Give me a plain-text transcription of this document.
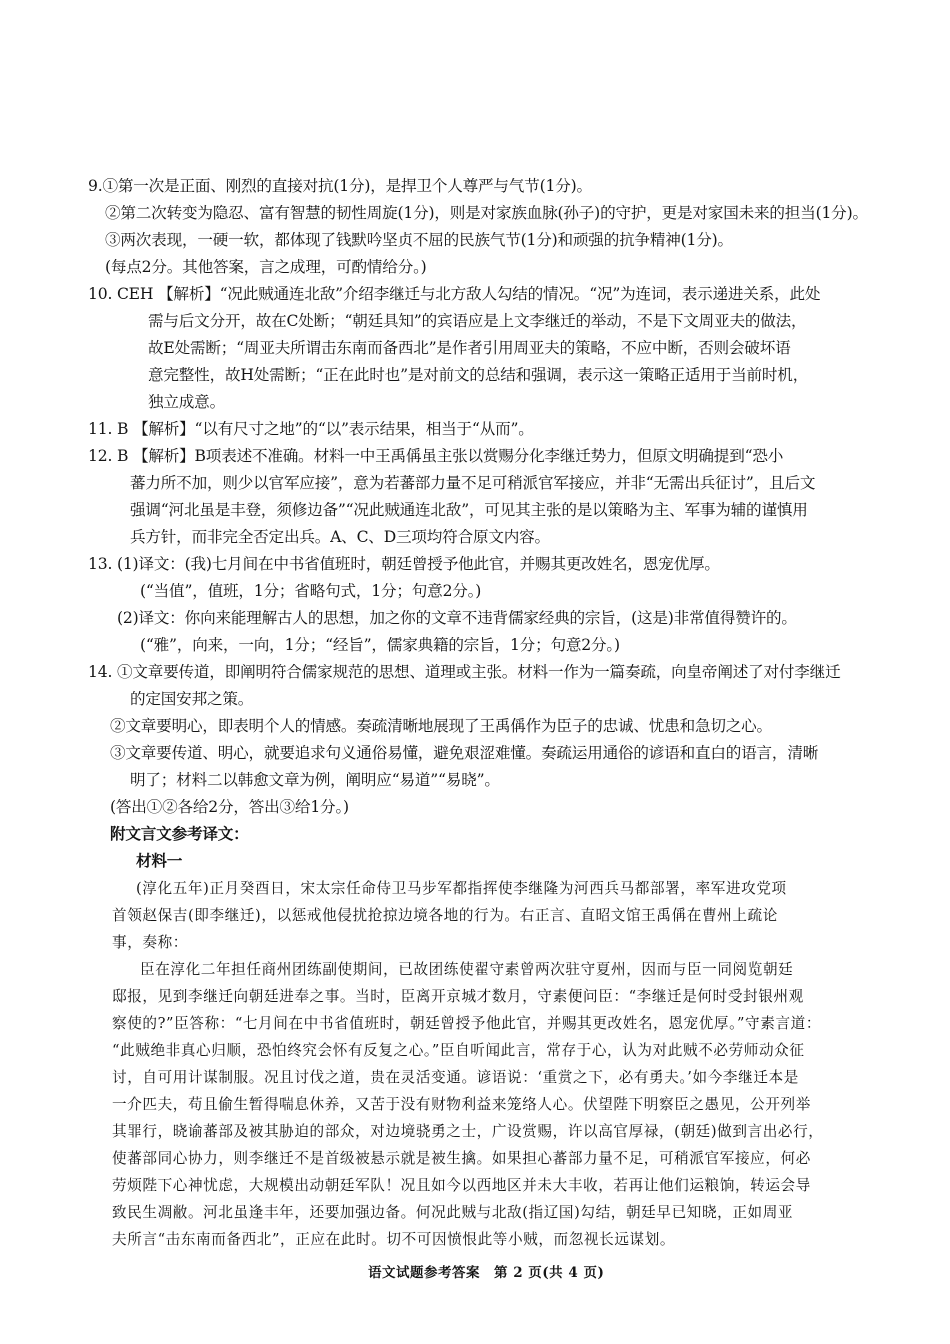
9.①第一次是正面、刚烈的直接对抗(1分)，是捍卫个人尊严与气节(1分)。
②第二次转变为隐忍、富有智慧的韧性周旋(1分)，则是对家族血脉(孙子)的守护，更是对家国未来的担当(1分)。
③两次表现，一硬一软，都体现了钱默吟坚贞不屈的民族气节(1分)和顽强的抗争精神(1分)。
(每点2分。其他答案，言之成理，可酌情给分。)
10. CEH 【解析】“况此贼通连北敌”介绍李继迁与北方敌人勾结的情况。“况”为连词，表示递进关系，此处
需与后文分开，故在C处断；“朝廷具知”的宾语应是上文李继迁的举动，不是下文周亚夫的做法，
故E处需断；“周亚夫所谓击东南而备西北”是作者引用周亚夫的策略，不应中断，否则会破坏语
意完整性，故H处需断；“正在此时也”是对前文的总结和强调，表示这一策略正适用于当前时机，
独立成意。
11. B 【解析】“以有尺寸之地”的“以”表示结果，相当于“从而”。
12. B 【解析】B项表述不准确。材料一中王禹偁虽主张以赏赐分化李继迁势力，但原文明确提到“恐小
蕃力所不加，则少以官军应接”，意为若蕃部力量不足可稍派官军接应，并非“无需出兵征讨”，且后文
强调“河北虽是丰登，须修边备”“况此贼通连北敌”，可见其主张的是以策略为主、军事为辅的谨慎用
兵方针，而非完全否定出兵。A、C、D三项均符合原文内容。
13. (1)译文：(我)七月间在中书省值班时，朝廷曾授予他此官，并赐其更改姓名，恩宠优厚。
(“当值”，值班，1分；省略句式，1分；句意2分。)
(2)译文：你向来能理解古人的思想，加之你的文章不违背儒家经典的宗旨，(这是)非常值得赞许的。
(“雅”，向来，一向，1分；“经旨”，儒家典籍的宗旨，1分；句意2分。)
14. ①文章要传道，即阐明符合儒家规范的思想、道理或主张。材料一作为一篇奏疏，向皇帝阐述了对付李继迁
的定国安邦之策。
②文章要明心，即表明个人的情感。奏疏清晰地展现了王禹偁作为臣子的忠诚、忧患和急切之心。
③文章要传道、明心，就要追求句义通俗易懂，避免艰涩难懂。奏疏运用通俗的谚语和直白的语言，清晰
明了；材料二以韩愈文章为例，阐明应“易道”“易晓”。
(答出①②各给2分，答出③给1分。)
附文言文参考译文：
材料一
(淳化五年)正月癸酉日，宋太宗任命侍卫马步军都指挥使李继隆为河西兵马都部署，率军进攻党项
首领赵保吉(即李继迁)，以惩戒他侵扰抢掠边境各地的行为。右正言、直昭文馆王禹偁在曹州上疏论
事，奏称：
臣在淳化二年担任商州团练副使期间，已故团练使翟守素曾两次驻守夏州，因而与臣一同阅览朝廷
邸报，见到李继迁向朝廷进奉之事。当时，臣离开京城才数月，守素便问臣：“李继迁是何时受封银州观
察使的?”臣答称：“七月间在中书省值班时，朝廷曾授予他此官，并赐其更改姓名，恩宠优厚。”守素言道：
“此贼绝非真心归顺，恐怕终究会怀有反复之心。”臣自听闻此言，常存于心，认为对此贼不必劳师动众征
讨，自可用计谋制服。况且讨伐之道，贵在灵活变通。谚语说：‘重赏之下，必有勇夫。’如今李继迁本是
一介匹夫，苟且偷生暂得喘息休养，又苦于没有财物利益来笼络人心。伏望陛下明察臣之愚见，公开列举
其罪行，晓谕蕃部及被其胁迫的部众，对边境骁勇之士，广设赏赐，许以高官厚禄，(朝廷)做到言出必行，
使蕃部同心协力，则李继迁不是首级被悬示就是被生擒。如果担心蕃部力量不足，可稍派官军接应，何必
劳烦陛下心神忧虑，大规模出动朝廷军队！况且如今以西地区并未大丰收，若再让他们运粮饷，转运会导
致民生凋敝。河北虽逢丰年，还要加强边备。何况此贼与北敌(指辽国)勾结，朝廷早已知晓，正如周亚
夫所言“击东南而备西北”，正应在此时。切不可因愤恨此等小贼，而忽视长远谋划。
语文试题参考答案　第 2 页(共 4 页)
